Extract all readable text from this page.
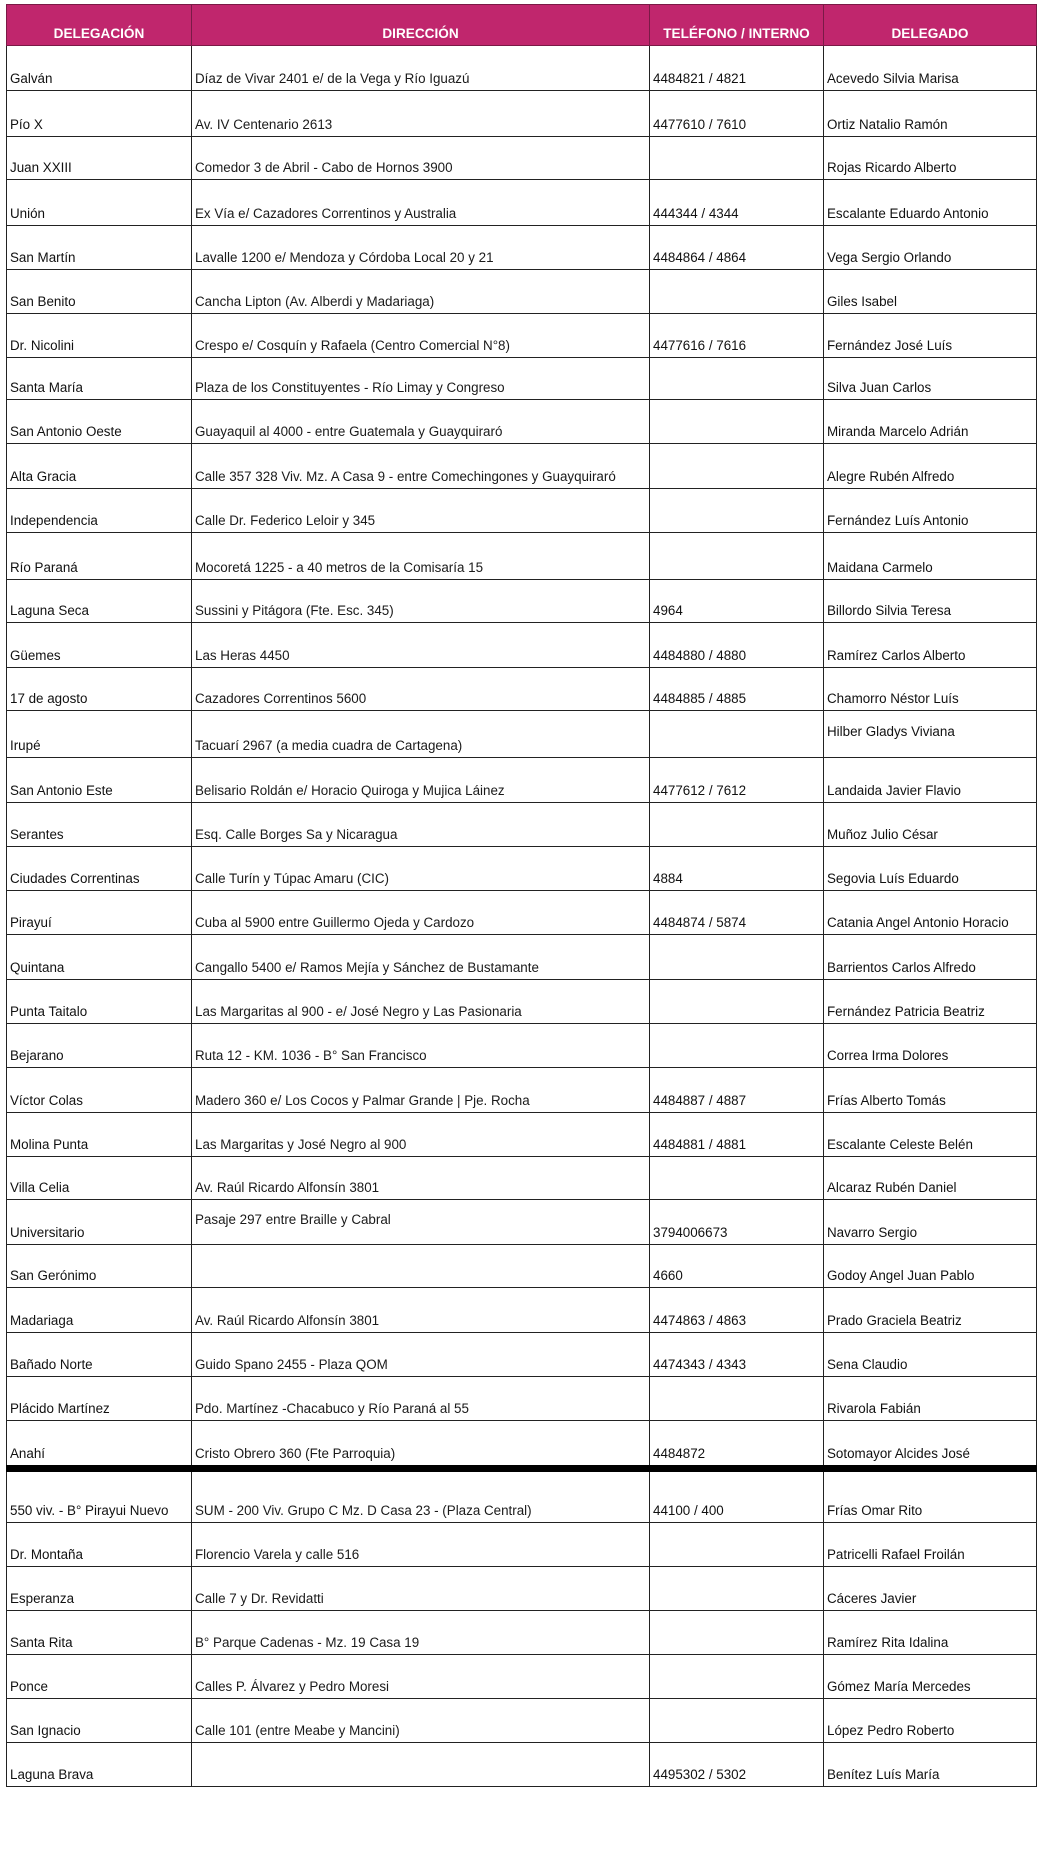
DELEGACIÓN	DIRECCIÓN	TELÉFONO / INTERNO	DELEGADO
Galván	Díaz de Vivar 2401 e/ de la Vega y Río Iguazú	4484821 / 4821	Acevedo Silvia Marisa
Pío X	Av. IV Centenario 2613	4477610 / 7610	Ortiz Natalio Ramón
Juan XXIII	Comedor 3 de Abril - Cabo de Hornos 3900		Rojas Ricardo Alberto
Unión	Ex Vía e/ Cazadores Correntinos y Australia	444344 / 4344	Escalante Eduardo Antonio
San Martín	Lavalle 1200 e/ Mendoza y Córdoba Local 20 y 21	4484864 / 4864	Vega Sergio Orlando
San Benito	Cancha Lipton (Av. Alberdi y Madariaga)		Giles Isabel
Dr. Nicolini	Crespo e/ Cosquín y Rafaela (Centro Comercial N°8)	4477616 / 7616	Fernández José Luís
Santa María	Plaza de los Constituyentes - Río Limay y Congreso		Silva Juan Carlos
San Antonio Oeste	Guayaquil al 4000 - entre Guatemala y Guayquiraró		Miranda Marcelo Adrián
Alta Gracia	Calle 357 328 Viv. Mz. A Casa 9 - entre Comechingones y Guayquiraró		Alegre Rubén Alfredo
Independencia	Calle Dr. Federico Leloir y 345		Fernández Luís Antonio
Río Paraná	Mocoretá 1225 - a 40 metros de la Comisaría 15		Maidana Carmelo
Laguna Seca	Sussini y Pitágora (Fte. Esc. 345)	4964	Billordo Silvia Teresa
Güemes	Las Heras 4450	4484880 / 4880	Ramírez Carlos Alberto
17 de agosto	Cazadores Correntinos 5600	4484885 / 4885	Chamorro Néstor Luís
Irupé	Tacuarí 2967 (a media cuadra de Cartagena)		Hilber Gladys Viviana
San Antonio Este	Belisario Roldán e/ Horacio Quiroga y Mujica Láinez	4477612 / 7612	Landaida Javier Flavio
Serantes	Esq. Calle Borges Sa y Nicaragua		Muñoz Julio César
Ciudades Correntinas	Calle Turín y Túpac Amaru (CIC)	4884	Segovia Luís Eduardo
Pirayuí	Cuba al 5900 entre Guillermo Ojeda y Cardozo	4484874 / 5874	Catania Angel Antonio Horacio
Quintana	Cangallo 5400 e/ Ramos Mejía y Sánchez de Bustamante		Barrientos Carlos Alfredo
Punta Taitalo	Las Margaritas al 900 - e/ José Negro y Las Pasionaria		Fernández Patricia Beatriz
Bejarano	Ruta 12 - KM. 1036 - B° San Francisco		Correa Irma Dolores
Víctor Colas	Madero 360 e/ Los Cocos y Palmar Grande | Pje. Rocha	4484887 / 4887	Frías Alberto Tomás
Molina Punta	Las Margaritas y José Negro al 900	4484881 / 4881	Escalante Celeste Belén
Villa Celia	Av. Raúl Ricardo Alfonsín 3801		Alcaraz Rubén Daniel
Universitario	Pasaje 297 entre Braille y Cabral	3794006673	Navarro Sergio
San Gerónimo		4660	Godoy Angel Juan Pablo
Madariaga	Av. Raúl Ricardo Alfonsín 3801	4474863 / 4863	Prado Graciela Beatriz
Bañado Norte	Guido Spano 2455 - Plaza QOM	4474343 / 4343	Sena Claudio
Plácido Martínez	Pdo. Martínez -Chacabuco y Río Paraná al 55		Rivarola Fabián
Anahí	Cristo Obrero 360 (Fte Parroquia)	4484872	Sotomayor Alcides José
550 viv. - B° Pirayui Nuevo	SUM - 200 Viv. Grupo C Mz. D Casa 23 - (Plaza Central)	44100 / 400	Frías Omar Rito
Dr. Montaña	Florencio Varela y calle 516		Patricelli Rafael Froilán
Esperanza	Calle 7 y Dr. Revidatti		Cáceres Javier
Santa Rita	B° Parque Cadenas - Mz. 19 Casa 19		Ramírez Rita Idalina
Ponce	Calles P. Álvarez y Pedro Moresi		Gómez María Mercedes
San Ignacio	Calle 101 (entre Meabe y Mancini)		López Pedro Roberto
Laguna Brava		4495302 / 5302	Benítez Luís María
